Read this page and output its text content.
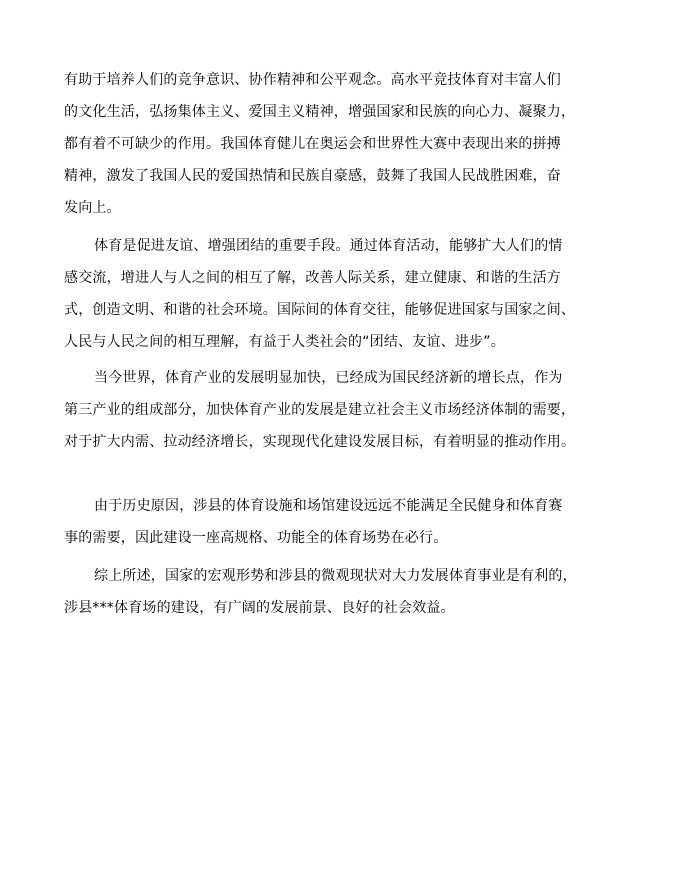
有助于培养人们的竞争意识、协作精神和公平观念。高水平竞技体育对丰富人们
的文化生活，弘扬集体主义、爱国主义精神，增强国家和民族的向心力、凝聚力，
都有着不可缺少的作用。我国体育健儿在奥运会和世界性大赛中表现出来的拼搏
精神，激发了我国人民的爱国热情和民族自豪感，鼓舞了我国人民战胜困难，奋
发向上。
体育是促进友谊、增强团结的重要手段。通过体育活动，能够扩大人们的情
感交流，增进人与人之间的相互了解，改善人际关系，建立健康、和谐的生活方
式，创造文明、和谐的社会环境。国际间的体育交往，能够促进国家与国家之间、
人民与人民之间的相互理解，有益于人类社会的“团结、友谊、进步”。
当今世界，体育产业的发展明显加快，已经成为国民经济新的增长点，作为
第三产业的组成部分，加快体育产业的发展是建立社会主义市场经济体制的需要，
对于扩大内需、拉动经济增长，实现现代化建设发展目标，有着明显的推动作用。
由于历史原因，涉县的体育设施和场馆建设远远不能满足全民健身和体育赛
事的需要，因此建设一座高规格、功能全的体育场势在必行。
综上所述，国家的宏观形势和涉县的微观现状对大力发展体育事业是有利的，
涉县***体育场的建设，有广阔的发展前景、良好的社会效益。
